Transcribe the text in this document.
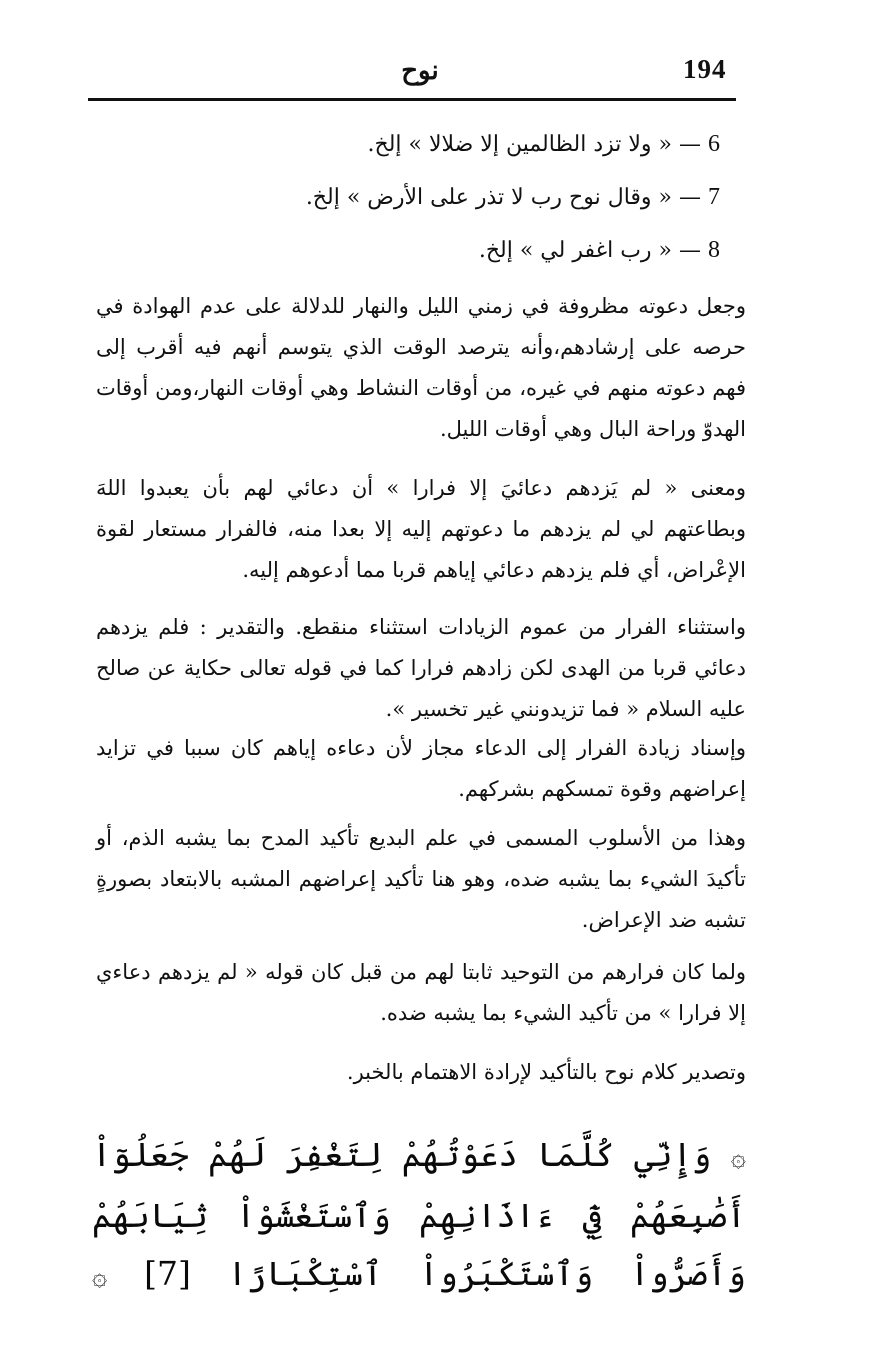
194
نوح
6 — « ولا تزد الظالمين إلا ضلالا » إلخ.
7 — « وقال نوح رب لا تذر على الأرض » إلخ.
8 — « رب اغفر لي » إلخ.

وجعل دعوته مظروفة في زمني الليل والنهار للدلالة على عدم الهوادة في حرصه على إرشادهم،وأنه يترصد الوقت الذي يتوسم أنهم فيه أقرب إلى فهم دعوته منهم في غيره، من أوقات النشاط وهي أوقات النهار،ومن أوقات الهدوّ وراحة البال وهي أوقات الليل.

ومعنى « لم يَزدهم دعائيَ إلا فرارا » أن دعائي لهم بأن يعبدوا اللهَ وبطاعتهم لي لم يزدهم ما دعوتهم إليه إلا بعدا منه، فالفرار مستعار لقوة الإعْراض، أي فلم يزدهم دعائي إياهم قربا مما أدعوهم إليه.

واستثناء الفرار من عموم الزيادات استثناء منقطع. والتقدير : فلم يزدهم دعائي قربا من الهدى لكن زادهم فرارا كما في قوله تعالى حكاية عن صالح عليه السلام « فما تزيدونني غير تخسير ».

وإسناد زيادة الفرار إلى الدعاء مجاز لأن دعاءه إياهم كان سببا في تزايد إعراضهم وقوة تمسكهم بشركهم.

وهذا من الأسلوب المسمى في علم البديع تأكيد المدح بما يشبه الذم، أو تأكيدَ الشيء بما يشبه ضده، وهو هنا تأكيد إعراضهم المشبه بالابتعاد بصورةٍ تشبه ضد الإعراض.

ولما كان فرارهم من التوحيد ثابتا لهم من قبل كان قوله « لم يزدهم دعاءي إلا فرارا » من تأكيد الشيء بما يشبه ضده.

وتصدير كلام نوح بالتأكيد لإرادة الاهتمام بالخبر.

۞ وَإِنِّي كُلَّمَا دَعَوْتُهُمْ لِتَغْفِرَ لَهُمْ جَعَلُوٓاْ أَصَٰبِعَهُمْ فِيٓ ءَاذَانِهِمْ وَٱسْتَغْشَوْاْ ثِيَابَهُمْ وَأَصَرُّواْ وَٱسْتَكْبَرُواْ ٱسْتِكْبَارًا [7] ۞
